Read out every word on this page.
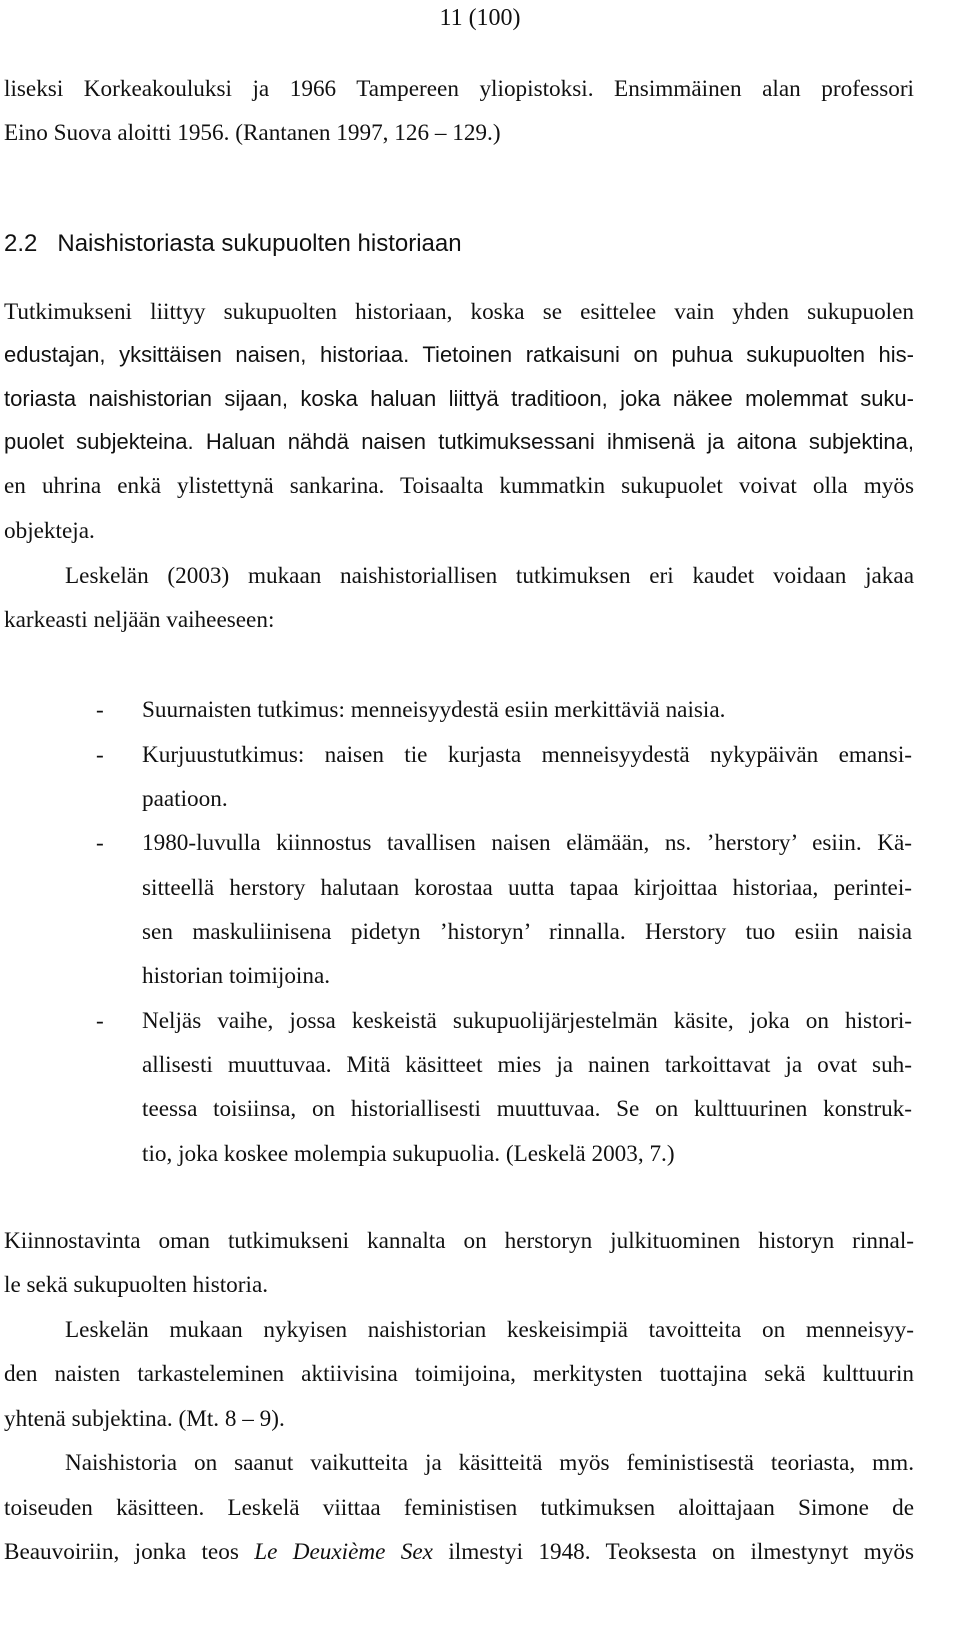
11 (100)
liseksi Korkeakouluksi ja 1966 Tampereen yliopistoksi. Ensimmäinen alan professori
Eino Suova aloitti 1956. (Rantanen 1997, 126 – 129.)
2.2   Naishistoriasta sukupuolten historiaan
Tutkimukseni liittyy sukupuolten historiaan, koska se esittelee vain yhden sukupuolen
edustajan, yksittäisen naisen, historiaa. Tietoinen ratkaisuni on puhua sukupuolten his-
toriasta naishistorian sijaan, koska haluan liittyä traditioon, joka näkee molemmat suku-
puolet subjekteina. Haluan nähdä naisen tutkimuksessani ihmisenä ja aitona subjektina,
en uhrina enkä ylistettynä sankarina. Toisaalta kummatkin sukupuolet voivat olla myös
objekteja.
Leskelän (2003) mukaan naishistoriallisen tutkimuksen eri kaudet voidaan jakaa
karkeasti neljään vaiheeseen:
- Suurnaisten tutkimus: menneisyydestä esiin merkittäviä naisia.
- Kurjuustutkimus: naisen tie kurjasta menneisyydestä nykypäivän emansi-
paatioon.
- 1980-luvulla kiinnostus tavallisen naisen elämään, ns. ’herstory’ esiin. Kä-
sitteellä herstory halutaan korostaa uutta tapaa kirjoittaa historiaa, perintei-
sen maskuliinisena pidetyn ’historyn’ rinnalla. Herstory tuo esiin naisia
historian toimijoina.
- Neljäs vaihe, jossa keskeistä sukupuolijärjestelmän käsite, joka on histori-
allisesti muuttuvaa. Mitä käsitteet mies ja nainen tarkoittavat ja ovat suh-
teessa toisiinsa, on historiallisesti muuttuvaa. Se on kulttuurinen konstruk-
tio, joka koskee molempia sukupuolia. (Leskelä 2003, 7.)
Kiinnostavinta oman tutkimukseni kannalta on herstoryn julkituominen historyn rinnal-
le sekä sukupuolten historia.
Leskelän mukaan nykyisen naishistorian keskeisimpiä tavoitteita on menneisyy-
den naisten tarkasteleminen aktiivisina toimijoina, merkitysten tuottajina sekä kulttuurin
yhtenä subjektina. (Mt. 8 – 9).
Naishistoria on saanut vaikutteita ja käsitteitä myös feministisestä teoriasta, mm.
toiseuden käsitteen. Leskelä viittaa feministisen tutkimuksen aloittajaan Simone de
Beauvoiriin, jonka teos Le Deuxième Sex ilmestyi 1948. Teoksesta on ilmestynyt myös
